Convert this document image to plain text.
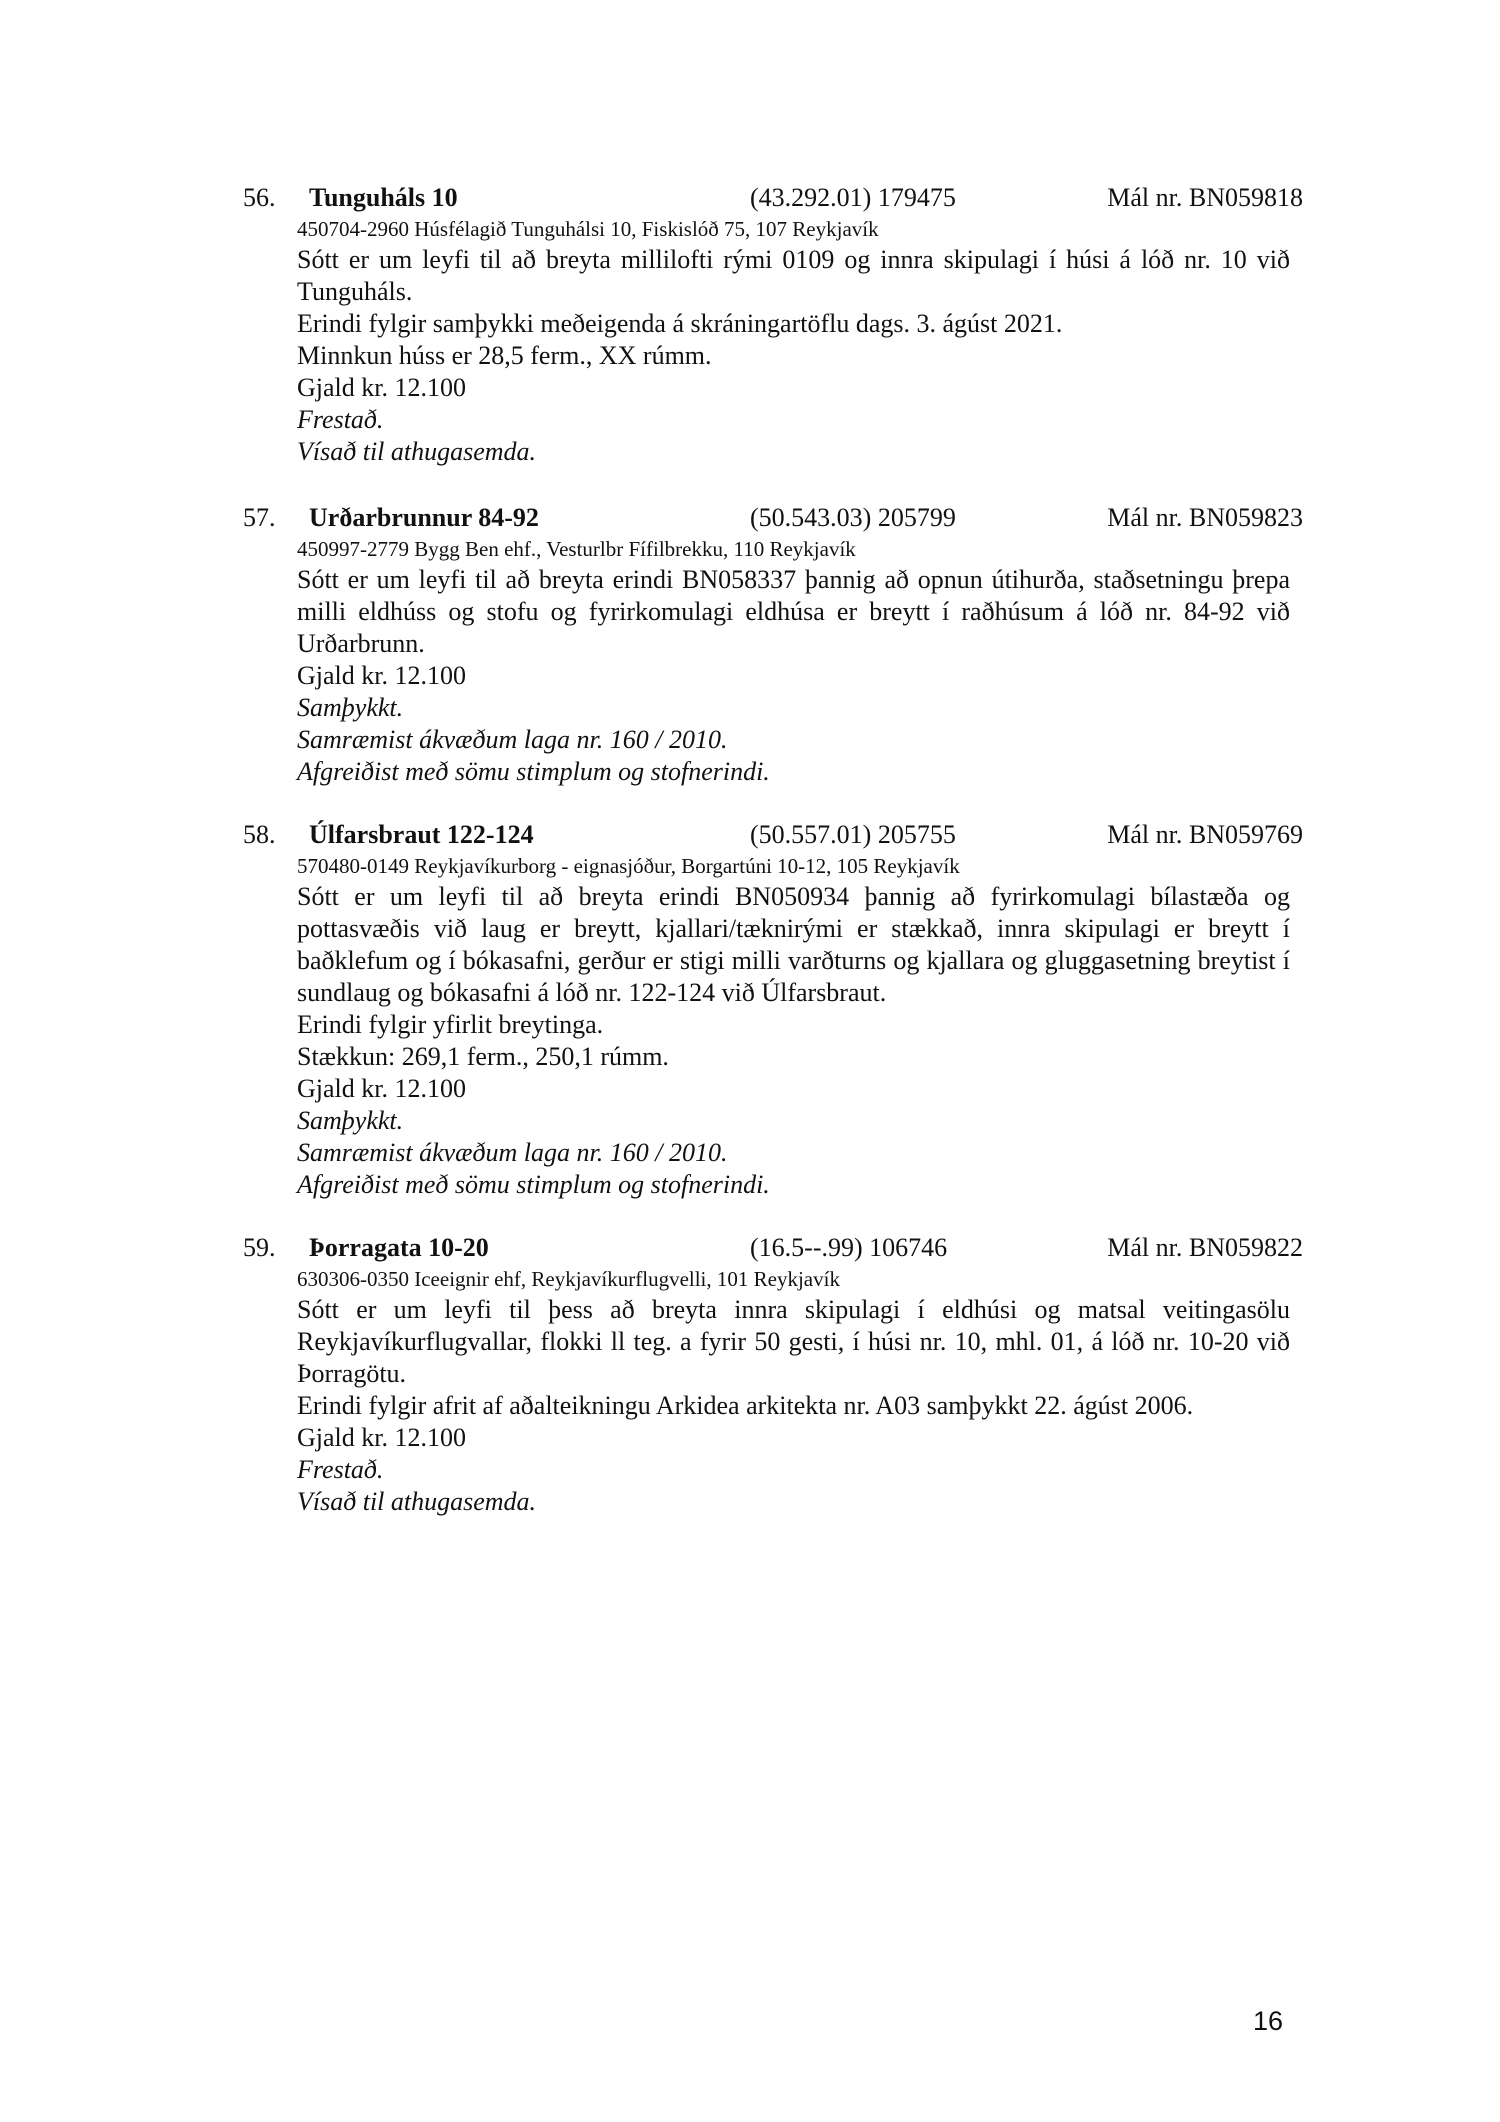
56. Tunguháls 10	(43.292.01) 179475	Mál nr. BN059818
450704-2960 Húsfélagið Tunguhálsi 10, Fiskislóð 75, 107 Reykjavík
Sótt er um leyfi til að breyta millilofti rými 0109 og innra skipulagi í húsi á lóð nr. 10 við Tunguháls.
Erindi fylgir samþykki meðeigenda á skráningartöflu dags. 3. ágúst 2021.
Minnkun húss er 28,5 ferm., XX rúmm.
Gjald kr. 12.100
Frestað.
Vísað til athugasemda.
57. Urðarbrunnur 84-92	(50.543.03) 205799	Mál nr. BN059823
450997-2779 Bygg Ben ehf., Vesturlbr Fífilbrekku, 110 Reykjavík
Sótt er um leyfi til að breyta erindi BN058337 þannig að opnun útihurða, staðsetningu þrepa milli eldhúss og stofu og fyrirkomulagi eldhúsa er breytt í raðhúsum á lóð nr. 84-92 við Urðarbrunn.
Gjald kr. 12.100
Samþykkt.
Samræmist ákvæðum laga nr. 160 / 2010.
Afgreiðist með sömu stimplum og stofnerindi.
58. Úlfarsbraut 122-124	(50.557.01) 205755	Mál nr. BN059769
570480-0149 Reykjavíkurborg - eignasjóður, Borgartúni 10-12, 105 Reykjavík
Sótt er um leyfi til að breyta erindi BN050934 þannig að fyrirkomulagi bílastæða og pottasvæðis við laug er breytt, kjallari/tæknirými er stækkað, innra skipulagi er breytt í baðklefum og í bókasafni, gerður er stigi milli varðturns og kjallara og gluggasetning breytist í sundlaug og bókasafni á lóð nr. 122-124 við Úlfarsbraut.
Erindi fylgir yfirlit breytinga.
Stækkun: 269,1 ferm., 250,1 rúmm.
Gjald kr. 12.100
Samþykkt.
Samræmist ákvæðum laga nr. 160 / 2010.
Afgreiðist með sömu stimplum og stofnerindi.
59. Þorragata 10-20	(16.5--.99) 106746	Mál nr. BN059822
630306-0350 Iceeignir ehf, Reykjavíkurflugvelli, 101 Reykjavík
Sótt er um leyfi til þess að breyta innra skipulagi í eldhúsi og matsal veitingasölu Reykjavíkurflugvallar, flokki ll teg. a fyrir 50 gesti, í húsi nr. 10, mhl. 01, á lóð nr. 10-20 við Þorragötu.
Erindi fylgir afrit af aðalteikningu Arkidea arkitekta nr. A03 samþykkt 22. ágúst 2006.
Gjald kr. 12.100
Frestað.
Vísað til athugasemda.
16
